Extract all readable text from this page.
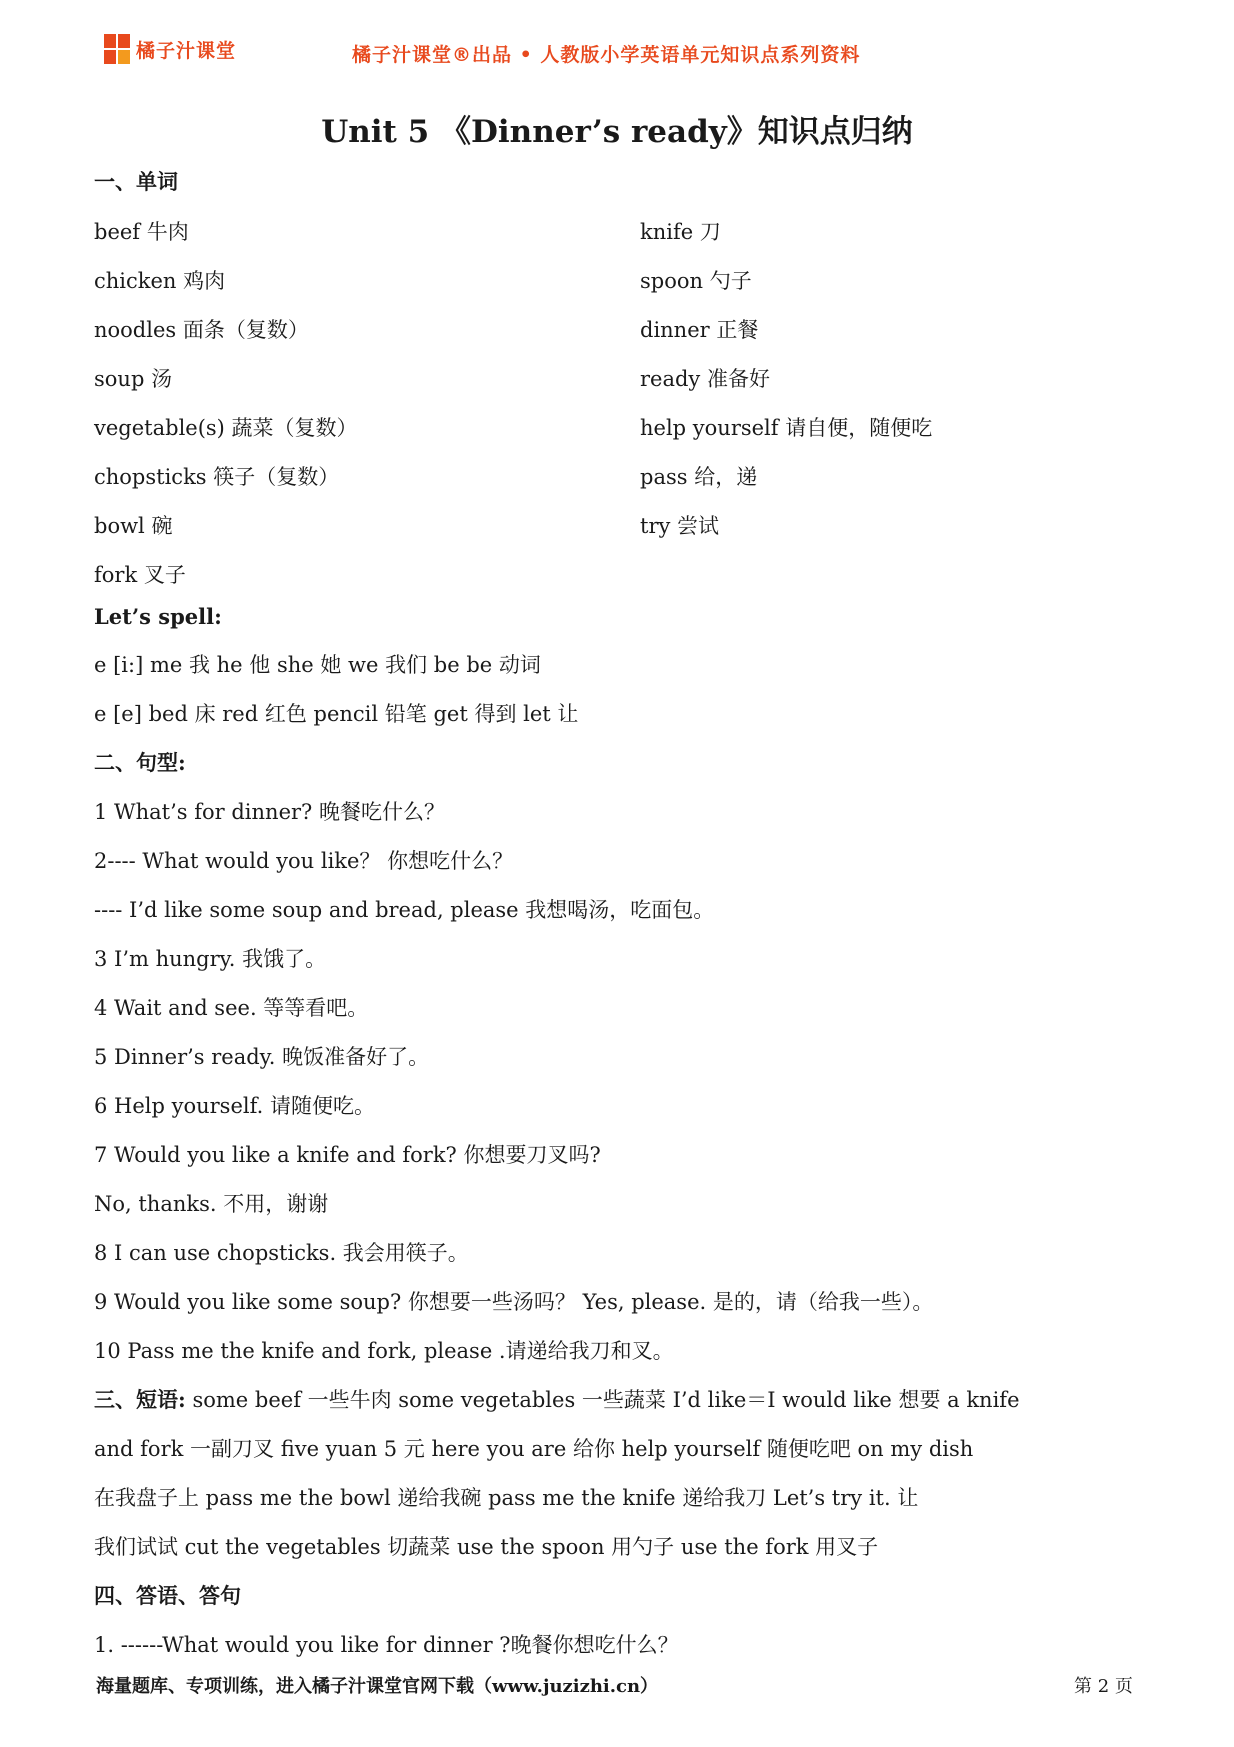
橘子汁课堂	橘子汁课堂®出品 • 人教版小学英语单元知识点系列资料
Unit 5 《Dinner’s ready》知识点归纳
一、单词
beef 牛肉
chicken 鸡肉
noodles 面条（复数）
soup 汤
vegetable(s) 蔬菜（复数）
chopsticks 筷子（复数）
bowl 碗
fork 叉子
knife 刀
spoon 勺子
dinner 正餐
ready 准备好
help yourself 请自便，随便吃
pass 给，递
try 尝试
Let’s spell:
e [i:] me 我 he 他 she 她 we 我们 be be 动词
e [e] bed 床 red 红色 pencil 铅笔 get 得到 let 让
二、句型:
1 What’s for dinner? 晚餐吃什么？
2---- What would you like？ 你想吃什么？
---- I’d like some soup and bread, please 我想喝汤，吃面包。
3 I’m hungry. 我饿了。
4 Wait and see. 等等看吧。
5 Dinner’s ready. 晚饭准备好了。
6 Help yourself. 请随便吃。
7 Would you like a knife and fork? 你想要刀叉吗?
No, thanks. 不用，谢谢
8 I can use chopsticks. 我会用筷子。
9 Would you like some soup? 你想要一些汤吗？ Yes, please. 是的，请（给我一些）。
10 Pass me the knife and fork, please .请递给我刀和叉。
三、短语: some beef 一些牛肉 some vegetables 一些蔬菜 I’d like＝I would like 想要 a knife
and fork 一副刀叉 five yuan 5 元 here you are 给你 help yourself 随便吃吧 on my dish
在我盘子上 pass me the bowl 递给我碗 pass me the knife 递给我刀 Let’s try it. 让
我们试试 cut the vegetables 切蔬菜 use the spoon 用勺子 use the fork 用叉子
四、答语、答句
1. ------What would you like for dinner ?晚餐你想吃什么？
海量题库、专项训练，进入橘子汁课堂官网下载（www.juzizhi.cn）	第 2 页
